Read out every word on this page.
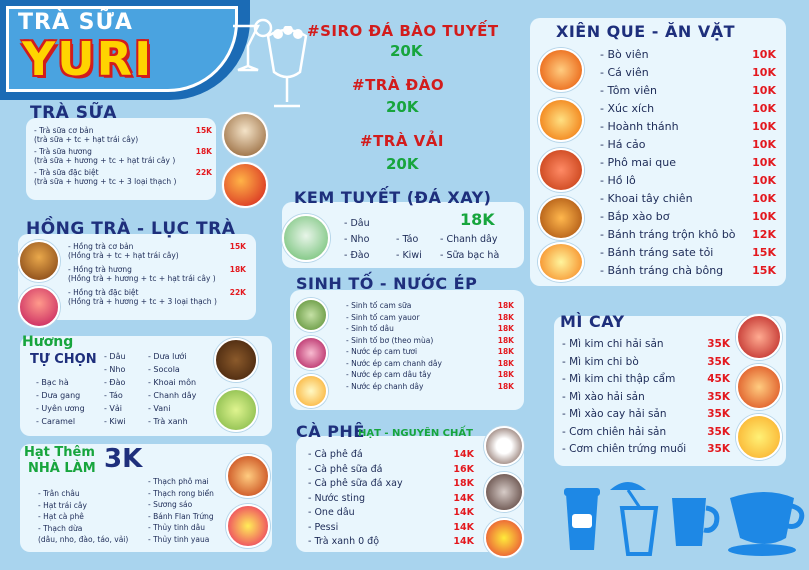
TRÀ SỮA
YURI
#SIRO ĐÁ BÀO TUYẾT
20K
#TRÀ ĐÀO
20K
#TRÀ VẢI
20K
TRÀ SỮA
- Trà sữa cơ bản	15K
(trà sữa + tc + hạt trái cây)
- Trà sữa hương	18K
(trà sữa + hương + tc + hạt trái cây )
- Trà sữa đặc biệt	22K
(trà sữa + hương + tc + 3 loại thạch )
HỒNG TRÀ - LỤC TRÀ
- Hồng trà cơ bản	15K
(Hồng trà + tc + hạt trái cây)
- Hồng trà hương	18K
(Hồng trà + hương + tc + hạt trái cây )
- Hồng trà đặc biệt	22K
(Hồng trà + hương + tc + 3 loại thạch )
Hương
TỰ CHỌN
- Bạc hà
- Dưa gang
- Uyên ương
- Caramel
- Dâu
- Nho
- Đào
- Táo
- Vải
- Kiwi
- Dưa lưới
- Socola
- Khoai môn
- Chanh dây
- Vani
- Trà xanh
Hạt Thêm
NHÀ LÀM 3K
- Trân châu
- Hạt trái cây
- Hạt cà phê
- Thạch dừa
(dâu, nho, đào, táo, vải)
- Thạch phô mai
- Thạch rong biển
- Sương sáo
- Bánh Flan Trứng
- Thủy tinh dâu
- Thủy tinh yaua
KEM TUYẾT (ĐÁ XAY)
18K
- Dâu
- Nho
- Đào
- Táo
- Kiwi
- Chanh dây
- Sữa bạc hà
SINH TỐ - NƯỚC ÉP
- Sinh tố cam sữa	18K
- Sinh tố cam yauor	18K
- Sinh tố dâu	18K
- Sinh tố bơ (theo mùa)	18K
- Nước ép cam tươi	18K
- Nước ép cam chanh dây	18K
- Nước ép cam dâu tây	18K
- Nước ép chanh dây	18K
CÀ PHÊ
HẠT - NGUYÊN CHẤT
- Cà phê đá	14K
- Cà phê sữa đá	16K
- Cà phê sữa đá xay	18K
- Nước sting	14K
- One dâu	14K
- Pessi	14K
- Trà xanh 0 độ	14K
XIÊN QUE - ĂN VẶT
- Bò viên	10K
- Cá viên	10K
- Tôm viên	10K
- Xúc xích	10K
- Hoành thánh	10K
- Há cảo	10K
- Phô mai que	10K
- Hồ lô	10K
- Khoai tây chiên	10K
- Bắp xào bơ	10K
- Bánh tráng trộn khô bò 12K
- Bánh tráng sate tỏi	15K
- Bánh tráng chà bông	15K
MÌ CAY
- Mì kim chi hải sản	35K
- Mì kim chi bò	35K
- Mì kim chi thập cẩm	45K
- Mì xào hải sản	35K
- Mì xào cay hải sản	35K
- Cơm chiên hải sản	35K
- Cơm chiên trứng muối 35K
